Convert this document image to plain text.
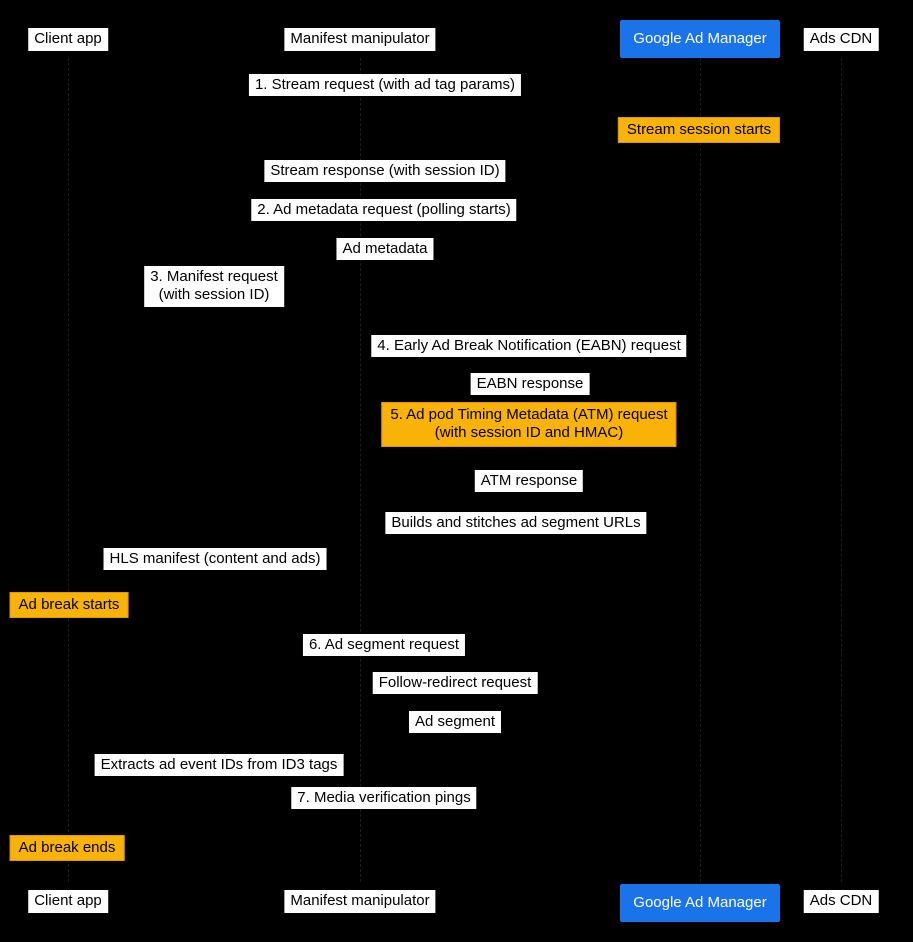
Client app	Manifest manipulator	Google Ad Manager	Ads CDN
Client app	Manifest manipulator	Google Ad Manager	Ads CDN
1. Stream request (with ad tag params)
Stream session starts
Stream response (with session ID)
2. Ad metadata request (polling starts)
Ad metadata
3. Manifest request
(with session ID)
4. Early Ad Break Notification (EABN) request
EABN response
5. Ad pod Timing Metadata (ATM) request
(with session ID and HMAC)
ATM response
Builds and stitches ad segment URLs
HLS manifest (content and ads)
Ad break starts
6. Ad segment request
Follow-redirect request
Ad segment
Extracts ad event IDs from ID3 tags
7. Media verification pings
Ad break ends
